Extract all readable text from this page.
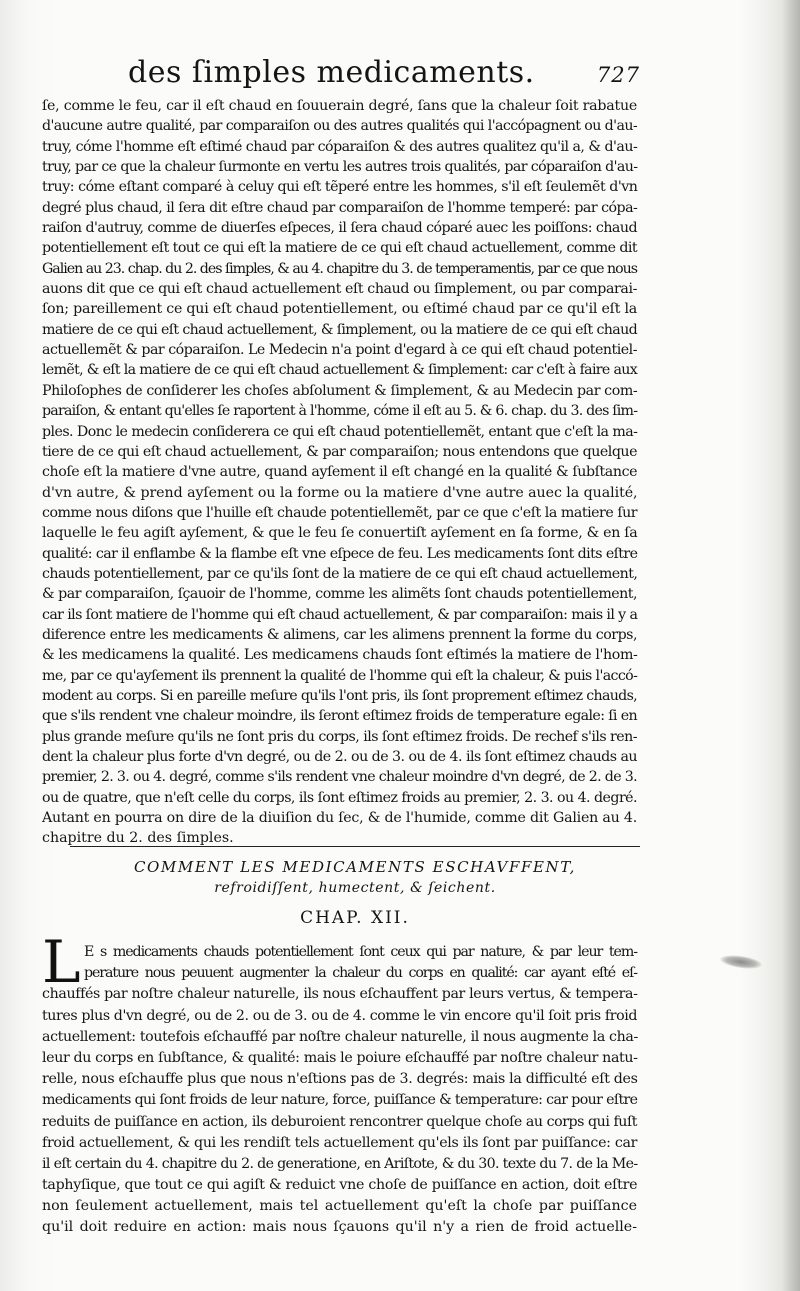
des ſimples medicaments.	727
ſe, comme le feu, car il eſt chaud en ſouuerain degré, ſans que la chaleur ſoit rabatue
d'aucune autre qualité, par comparaiſon ou des autres qualités qui l'accópagnent ou d'au-
truy, cóme l'homme eſt eſtimé chaud par cóparaiſon & des autres qualitez qu'il a, & d'au-
truy, par ce que la chaleur ſurmonte en vertu les autres trois qualités, par cóparaiſon d'au-
truy: cóme eſtant comparé à celuy qui eſt tẽperé entre les hommes, s'il eſt ſeulemẽt d'vn
degré plus chaud, il ſera dit eſtre chaud par comparaiſon de l'homme temperé: par cópa-
raiſon d'autruy, comme de diuerſes eſpeces, il ſera chaud cóparé auec les poiſſons: chaud
potentiellement eſt tout ce qui eſt la matiere de ce qui eſt chaud actuellement, comme dit
Galien au 23. chap. du 2. des ſimples, & au 4. chapitre du 3. de temperamentis, par ce que nous
auons dit que ce qui eſt chaud actuellement eſt chaud ou ſimplement, ou par comparai-
ſon; pareillement ce qui eſt chaud potentiellement, ou eſtimé chaud par ce qu'il eſt la
matiere de ce qui eſt chaud actuellement, & ſimplement, ou la matiere de ce qui eſt chaud
actuellemẽt & par cóparaiſon. Le Medecin n'a point d'egard à ce qui eſt chaud potentiel-
lemẽt, & eſt la matiere de ce qui eſt chaud actuellement & ſimplement: car c'eſt à faire aux
Philoſophes de conſiderer les choſes abſolument & ſimplement, & au Medecin par com-
paraiſon, & entant qu'elles ſe raportent à l'homme, cóme il eſt au 5. & 6. chap. du 3. des ſim-
ples. Donc le medecin conſiderera ce qui eſt chaud potentiellemẽt, entant que c'eſt la ma-
tiere de ce qui eſt chaud actuellement, & par comparaiſon; nous entendons que quelque
choſe eſt la matiere d'vne autre, quand ayſement il eſt changé en la qualité & ſubſtance
d'vn autre, & prend ayſement ou la forme ou la matiere d'vne autre auec la qualité,
comme nous diſons que l'huille eſt chaude potentiellemẽt, par ce que c'eſt la matiere ſur
laquelle le feu agiſt ayſement, & que le feu ſe conuertiſt ayſement en ſa forme, & en ſa
qualité: car il enflambe & la flambe eſt vne eſpece de feu. Les medicaments ſont dits eſtre
chauds potentiellement, par ce qu'ils ſont de la matiere de ce qui eſt chaud actuellement,
& par comparaiſon, ſçauoir de l'homme, comme les alimẽts ſont chauds potentiellement,
car ils ſont matiere de l'homme qui eſt chaud actuellement, & par comparaiſon: mais il y a
diference entre les medicaments & alimens, car les alimens prennent la forme du corps,
& les medicamens la qualité. Les medicamens chauds ſont eſtimés la matiere de l'hom-
me, par ce qu'ayſement ils prennent la qualité de l'homme qui eſt la chaleur, & puis l'accó-
modent au corps. Si en pareille meſure qu'ils l'ont pris, ils ſont proprement eſtimez chauds,
que s'ils rendent vne chaleur moindre, ils ſeront eſtimez froids de temperature egale: ſi en
plus grande meſure qu'ils ne ſont pris du corps, ils ſont eſtimez froids. De rechef s'ils ren-
dent la chaleur plus forte d'vn degré, ou de 2. ou de 3. ou de 4. ils ſont eſtimez chauds au
premier, 2. 3. ou 4. degré, comme s'ils rendent vne chaleur moindre d'vn degré, de 2. de 3.
ou de quatre, que n'eſt celle du corps, ils ſont eſtimez froids au premier, 2. 3. ou 4. degré.
Autant en pourra on dire de la diuiſion du ſec, & de l'humide, comme dit Galien au 4.
chapitre du 2. des ſimples.
COMMENT LES MEDICAMENTS ESCHAVFFENT,
refroidiſſent, humectent, & ſeichent.
CHAP. XII.
L E s medicaments chauds potentiellement ſont ceux qui par nature, & par leur tem-
perature nous peuuent augmenter la chaleur du corps en qualité: car ayant eſté eſ-
chauffés par noſtre chaleur naturelle, ils nous eſchauffent par leurs vertus, & tempera-
tures plus d'vn degré, ou de 2. ou de 3. ou de 4. comme le vin encore qu'il ſoit pris froid
actuellement: toutefois eſchauffé par noſtre chaleur naturelle, il nous augmente la cha-
leur du corps en ſubſtance, & qualité: mais le poiure eſchauffé par noſtre chaleur natu-
relle, nous eſchauffe plus que nous n'eſtions pas de 3. degrés: mais la difficulté eſt des
medicaments qui ſont froids de leur nature, force, puiſſance & temperature: car pour eſtre
reduits de puiſſance en action, ils deburoient rencontrer quelque choſe au corps qui fuſt
froid actuellement, & qui les rendiſt tels actuellement qu'els ils ſont par puiſſance: car
il eſt certain du 4. chapitre du 2. de generatione, en Ariſtote, & du 30. texte du 7. de la Me-
taphyſique, que tout ce qui agiſt & reduict vne choſe de puiſſance en action, doit eſtre
non ſeulement actuellement, mais tel actuellement qu'eſt la choſe par puiſſance
qu'il doit reduire en action: mais nous ſçauons qu'il n'y a rien de froid actuelle-
